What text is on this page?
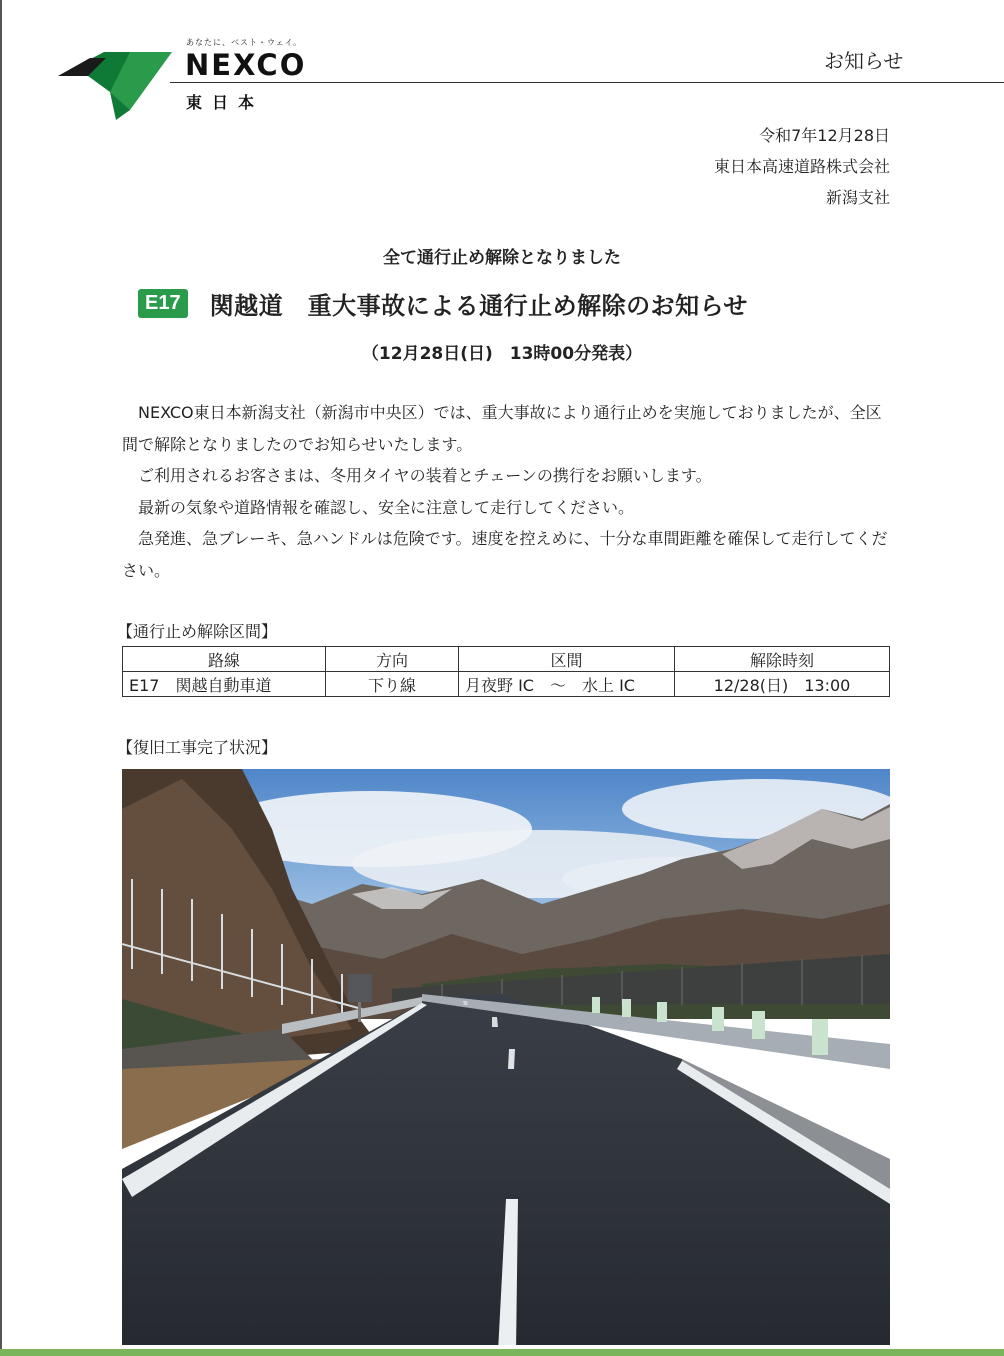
あなたに、ベスト・ウェイ。
NEXCO
東日本
お知らせ
令和7年12月28日
東日本高速道路株式会社
新潟支社
全て通行止め解除となりました
E17 関越道　重大事故による通行止め解除のお知らせ
（12月28日(日)　13時00分発表）

NEXCO東日本新潟支社（新潟市中央区）では、重大事故により通行止めを実施しておりましたが、全区間で解除となりましたのでお知らせいたします。

ご利用されるお客さまは、冬用タイヤの装着とチェーンの携行をお願いします。

最新の気象や道路情報を確認し、安全に注意して走行してください。

急発進、急ブレーキ、急ハンドルは危険です。速度を控えめに、十分な車間距離を確保して走行してください。

【通行止め解除区間】
路線	方向	区間	解除時刻
E17　関越自動車道	下り線	月夜野 IC　～　水上 IC	12/28(日)　13:00
【復旧工事完了状況】
